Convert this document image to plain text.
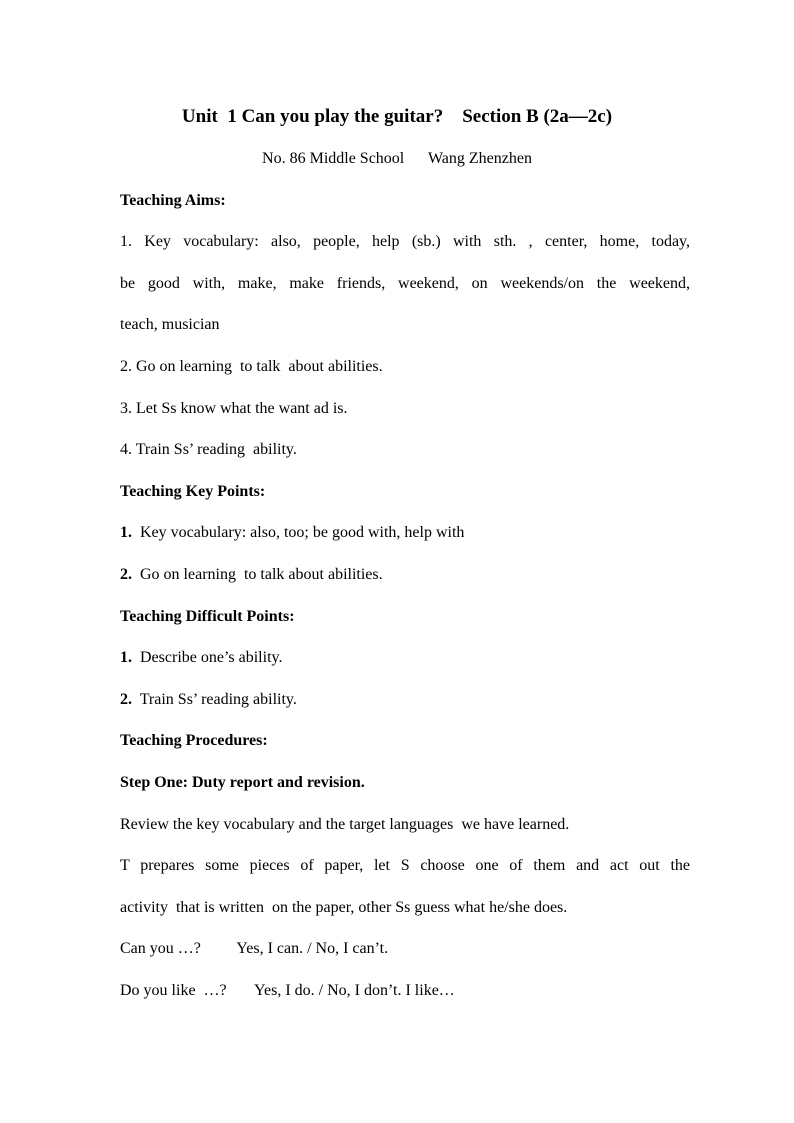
Unit  1 Can you play the guitar?    Section B (2a—2c)
No. 86 Middle School      Wang Zhenzhen
Teaching Aims:
1. Key vocabulary: also, people, help (sb.) with sth. , center, home, today,
be good with, make, make friends, weekend, on weekends/on the weekend,
teach, musician
2. Go on learning  to talk  about abilities.
3. Let Ss know what the want ad is.
4. Train Ss’ reading  ability.
Teaching Key Points:
1. Key vocabulary: also, too; be good with, help with
2. Go on learning  to talk about abilities.
Teaching Difficult Points:
1. Describe one’s ability.
2. Train Ss’ reading ability.
Teaching Procedures:
Step One: Duty report and revision.
Review the key vocabulary and the target languages  we have learned.
T prepares some pieces of paper, let S choose one of them and act out the
activity  that is written  on the paper, other Ss guess what he/she does.
Can you …?         Yes, I can. / No, I can’t.
Do you like  …?       Yes, I do. / No, I don’t. I like…
